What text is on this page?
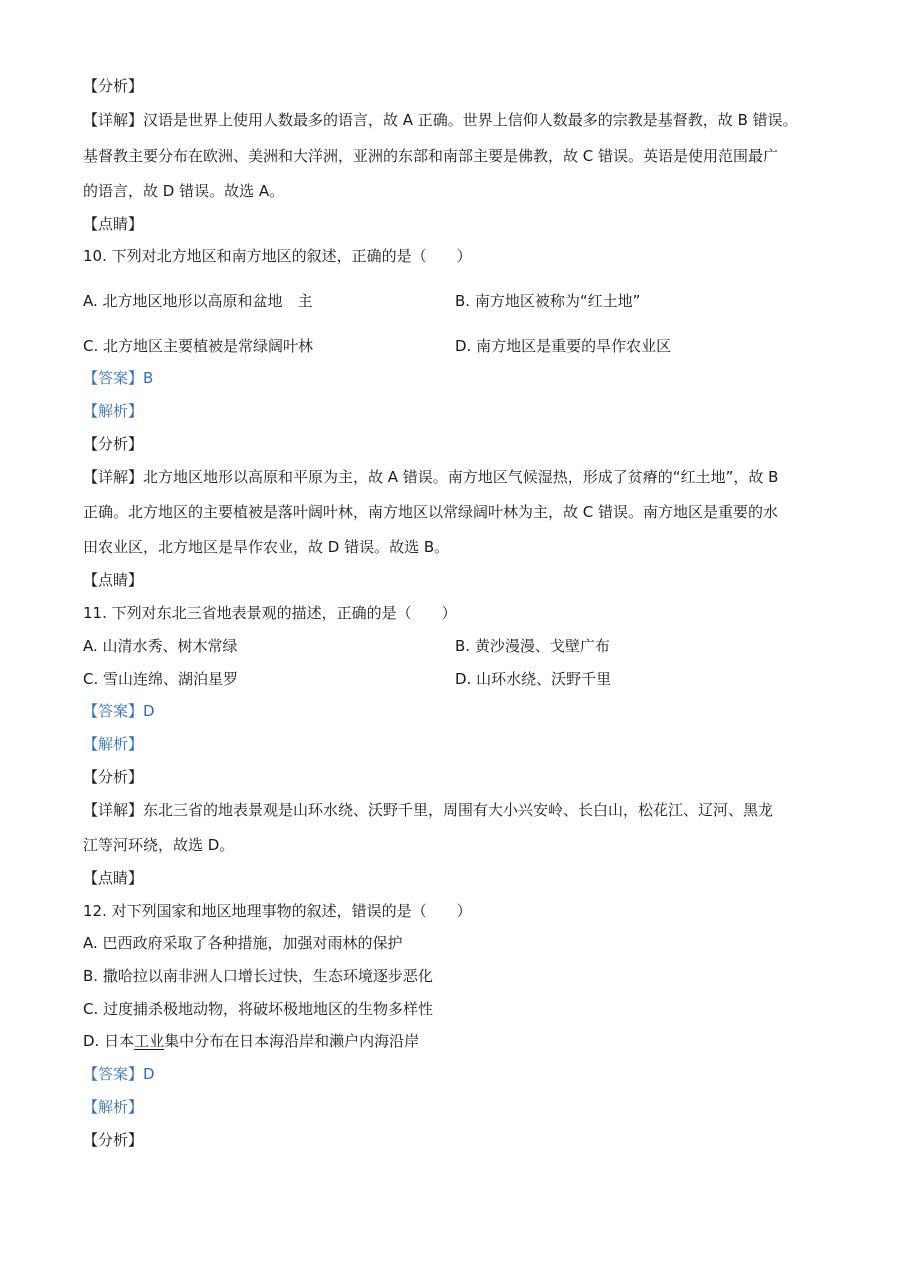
【分析】
【详解】汉语是世界上使用人数最多的语言，故 A 正确。世界上信仰人数最多的宗教是基督教，故 B 错误。
基督教主要分布在欧洲、美洲和大洋洲，亚洲的东部和南部主要是佛教，故 C 错误。英语是使用范围最广
的语言，故 D 错误。故选 A。
【点睛】
10. 下列对北方地区和南方地区的叙述，正确的是（　　）
A. 北方地区地形以高原和盆地　主	B. 南方地区被称为“红土地”
C. 北方地区主要植被是常绿阔叶林	D. 南方地区是重要的旱作农业区
【答案】B
【解析】
【分析】
【详解】北方地区地形以高原和平原为主，故 A 错误。南方地区气候湿热，形成了贫瘠的“红土地”，故 B
正确。北方地区的主要植被是落叶阔叶林，南方地区以常绿阔叶林为主，故 C 错误。南方地区是重要的水
田农业区，北方地区是旱作农业，故 D 错误。故选 B。
【点睛】
11. 下列对东北三省地表景观的描述，正确的是（　　）
A. 山清水秀、树木常绿	B. 黄沙漫漫、戈壁广布
C. 雪山连绵、湖泊星罗	D. 山环水绕、沃野千里
【答案】D
【解析】
【分析】
【详解】东北三省的地表景观是山环水绕、沃野千里，周围有大小兴安岭、长白山，松花江、辽河、黑龙
江等河环绕，故选 D。
【点睛】
12. 对下列国家和地区地理事物的叙述，错误的是（　　）
A. 巴西政府采取了各种措施，加强对雨林的保护
B. 撒哈拉以南非洲人口增长过快，生态环境逐步恶化
C. 过度捕杀极地动物，将破坏极地地区的生物多样性
D. 日本工业集中分布在日本海沿岸和濑户内海沿岸
【答案】D
【解析】
【分析】
